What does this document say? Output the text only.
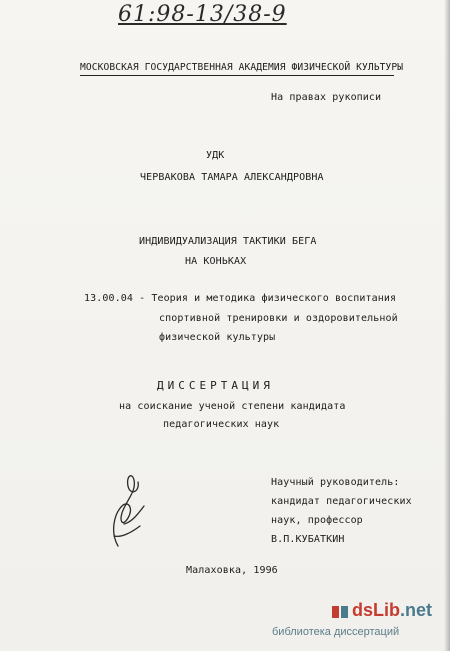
61:98-13/38-9
МОСКОВСКАЯ ГОСУДАРСТВЕННАЯ АКАДЕМИЯ ФИЗИЧЕСКОЙ КУЛЬТУРЫ
На правах рукописи
УДК
ЧЕРВАКОВА ТАМАРА АЛЕКСАНДРОВНА
ИНДИВИДУАЛИЗАЦИЯ ТАКТИКИ БЕГА
НА КОНЬКАХ
13.00.04 - Теория и методика физического воспитания
спортивной тренировки и оздоровительной
физической культуры
ДИССЕРТАЦИЯ
на соискание ученой степени кандидата
педагогических наук
Научный руководитель:
кандидат педагогических
наук, профессор
В.П.КУБАТКИН
Малаховка, 1996
dsLib.net
библиотека диссертаций
